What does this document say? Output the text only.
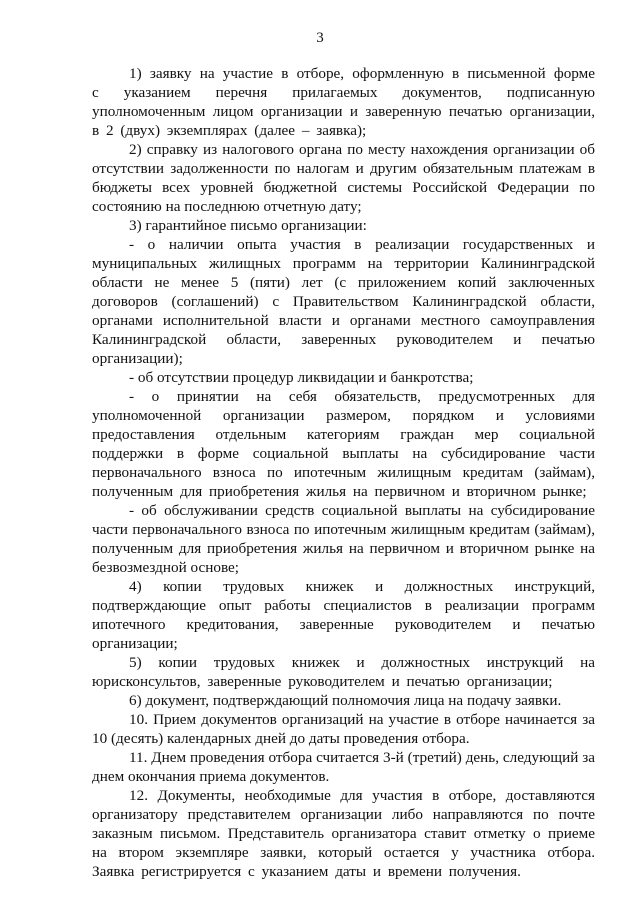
3

1) заявку на участие в отборе, оформленную в письменной форме с указанием перечня прилагаемых документов, подписанную уполномоченным лицом организации и заверенную печатью организации, в 2 (двух) экземплярах (далее – заявка);

2) справку из налогового органа по месту нахождения организации об отсутствии задолженности по налогам и другим обязательным платежам в бюджеты всех уровней бюджетной системы Российской Федерации по состоянию на последнюю отчетную дату;

3) гарантийное письмо организации:

- о наличии опыта участия в реализации государственных и муниципальных жилищных программ на территории Калининградской области не менее 5 (пяти) лет (с приложением копий заключенных договоров (соглашений) с Правительством Калининградской области, органами исполнительной власти и органами местного самоуправления Калининградской области, заверенных руководителем и печатью организации);

- об отсутствии процедур ликвидации и банкротства;

- о принятии на себя обязательств, предусмотренных для уполномоченной организации размером, порядком и условиями предоставления отдельным категориям граждан мер социальной поддержки в форме социальной выплаты на субсидирование части первоначального взноса по ипотечным жилищным кредитам (займам), полученным для приобретения жилья на первичном и вторичном рынке;

- об обслуживании средств социальной выплаты на субсидирование части первоначального взноса по ипотечным жилищным кредитам (займам), полученным для приобретения жилья на первичном и вторичном рынке на безвозмездной основе;

4) копии трудовых книжек и должностных инструкций, подтверждающие опыт работы специалистов в реализации программ ипотечного кредитования, заверенные руководителем и печатью организации;

5) копии трудовых книжек и должностных инструкций на юрисконсультов, заверенные руководителем и печатью организации;

6) документ, подтверждающий полномочия лица на подачу заявки.

10. Прием документов организаций на участие в отборе начинается за 10 (десять) календарных дней до даты проведения отбора.

11. Днем проведения отбора считается 3-й (третий) день, следующий за днем окончания приема документов.

12. Документы, необходимые для участия в отборе, доставляются организатору представителем организации либо направляются по почте заказным письмом. Представитель организатора ставит отметку о приеме на втором экземпляре заявки, который остается у участника отбора. Заявка регистрируется с указанием даты и времени получения.
